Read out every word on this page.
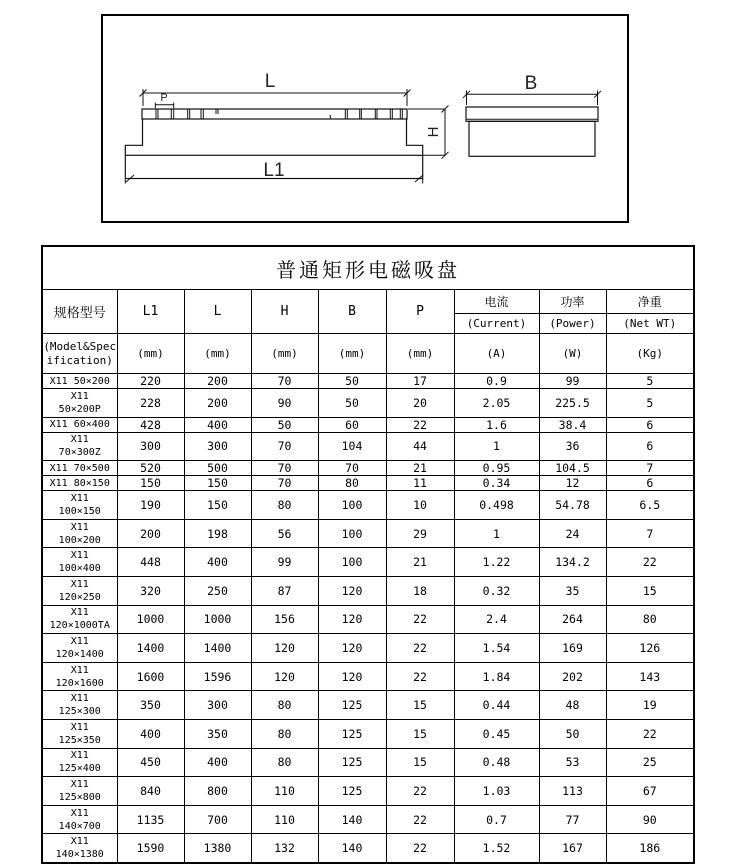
L
P
L1
H
B
普通矩形电磁吸盘								
规格型号	L1	L	H	B	P	电流	功率	净重
						(Current)	(Power)	(Net WT)

(Model&Spec
ification)	(mm)	(mm)	(mm)	(mm)	(mm)	(A)	(W)	(Kg)
X11 50×200	220	200	70	50	17	0.9	99	5

X11
50×200P	228	200	90	50	20	2.05	225.5	5
X11 60×400	428	400	50	60	22	1.6	38.4	6

X11
70×300Z	300	300	70	104	44	1	36	6
X11 70×500	520	500	70	70	21	0.95	104.5	7
X11 80×150	150	150	70	80	11	0.34	12	6

X11
100×150	190	150	80	100	10	0.498	54.78	6.5

X11
100×200	200	198	56	100	29	1	24	7

X11
100×400	448	400	99	100	21	1.22	134.2	22

X11
120×250	320	250	87	120	18	0.32	35	15

X11
120×1000TA	1000	1000	156	120	22	2.4	264	80

X11
120×1400	1400	1400	120	120	22	1.54	169	126

X11
120×1600	1600	1596	120	120	22	1.84	202	143

X11
125×300	350	300	80	125	15	0.44	48	19

X11
125×350	400	350	80	125	15	0.45	50	22

X11
125×400	450	400	80	125	15	0.48	53	25

X11
125×800	840	800	110	125	22	1.03	113	67

X11
140×700	1135	700	110	140	22	0.7	77	90

X11
140×1380	1590	1380	132	140	22	1.52	167	186
